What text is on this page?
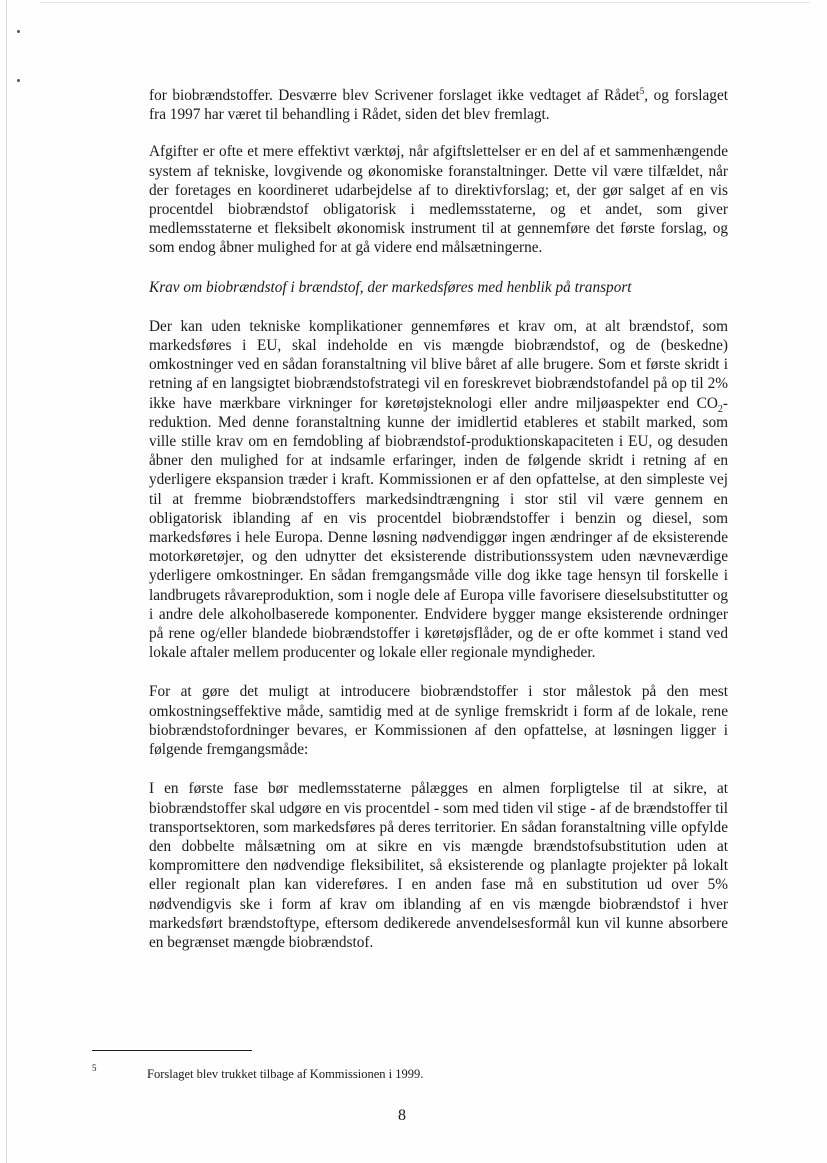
for biobrændstoffer. Desværre blev Scrivener forslaget ikke vedtaget af Rådet$^5$, og forslaget fra 1997 har været til behandling i Rådet, siden det blev fremlagt.

Afgifter er ofte et mere effektivt værktøj, når afgiftslettelser er en del af et sammenhængende system af tekniske, lovgivende og økonomiske foranstaltninger. Dette vil være tilfældet, når der foretages en koordineret udarbejdelse af to direktivforslag; et, der gør salget af en vis procentdel biobrændstof obligatorisk i medlemsstaterne, og et andet, som giver medlemsstaterne et fleksibelt økonomisk instrument til at gennemføre det første forslag, og som endog åbner mulighed for at gå videre end målsætningerne.

Krav om biobrændstof i brændstof, der markedsføres med henblik på transport

Der kan uden tekniske komplikationer gennemføres et krav om, at alt brændstof, som markedsføres i EU, skal indeholde en vis mængde biobrændstof, og de (beskedne) omkostninger ved en sådan foranstaltning vil blive båret af alle brugere. Som et første skridt i retning af en langsigtet biobrændstofstrategi vil en foreskrevet biobrændstofandel på op til 2% ikke have mærkbare virkninger for køretøjsteknologi eller andre miljøaspekter end $CO_2$-reduktion. Med denne foranstaltning kunne der imidlertid etableres et stabilt marked, som ville stille krav om en femdobling af biobrændstof-produktionskapaciteten i EU, og desuden åbner den mulighed for at indsamle erfaringer, inden de følgende skridt i retning af en yderligere ekspansion træder i kraft. Kommissionen er af den opfattelse, at den simpleste vej til at fremme biobrændstoffers markedsindtrængning i stor stil vil være gennem en obligatorisk iblanding af en vis procentdel biobrændstoffer i benzin og diesel, som markedsføres i hele Europa. Denne løsning nødvendiggør ingen ændringer af de eksisterende motorkøretøjer, og den udnytter det eksisterende distributionssystem uden nævneværdige yderligere omkostninger. En sådan fremgangsmåde ville dog ikke tage hensyn til forskelle i landbrugets råvareproduktion, som i nogle dele af Europa ville favorisere dieselsubstitutter og i andre dele alkoholbaserede komponenter. Endvidere bygger mange eksisterende ordninger på rene og/eller blandede biobrændstoffer i køretøjsflåder, og de er ofte kommet i stand ved lokale aftaler mellem producenter og lokale eller regionale myndigheder.

For at gøre det muligt at introducere biobrændstoffer i stor målestok på den mest omkostningseffektive måde, samtidig med at de synlige fremskridt i form af de lokale, rene biobrændstofordninger bevares, er Kommissionen af den opfattelse, at løsningen ligger i følgende fremgangsmåde:

I en første fase bør medlemsstaterne pålægges en almen forpligtelse til at sikre, at biobrændstoffer skal udgøre en vis procentdel - som med tiden vil stige - af de brændstoffer til transportsektoren, som markedsføres på deres territorier. En sådan foranstaltning ville opfylde den dobbelte målsætning om at sikre en vis mængde brændstofsubstitution uden at kompromittere den nødvendige fleksibilitet, så eksisterende og planlagte projekter på lokalt eller regionalt plan kan videreføres. I en anden fase må en substitution ud over 5% nødvendigvis ske i form af krav om iblanding af en vis mængde biobrændstof i hver markedsført brændstoftype, eftersom dedikerede anvendelsesformål kun vil kunne absorbere en begrænset mængde biobrændstof.

5	Forslaget blev trukket tilbage af Kommissionen i 1999.
8
